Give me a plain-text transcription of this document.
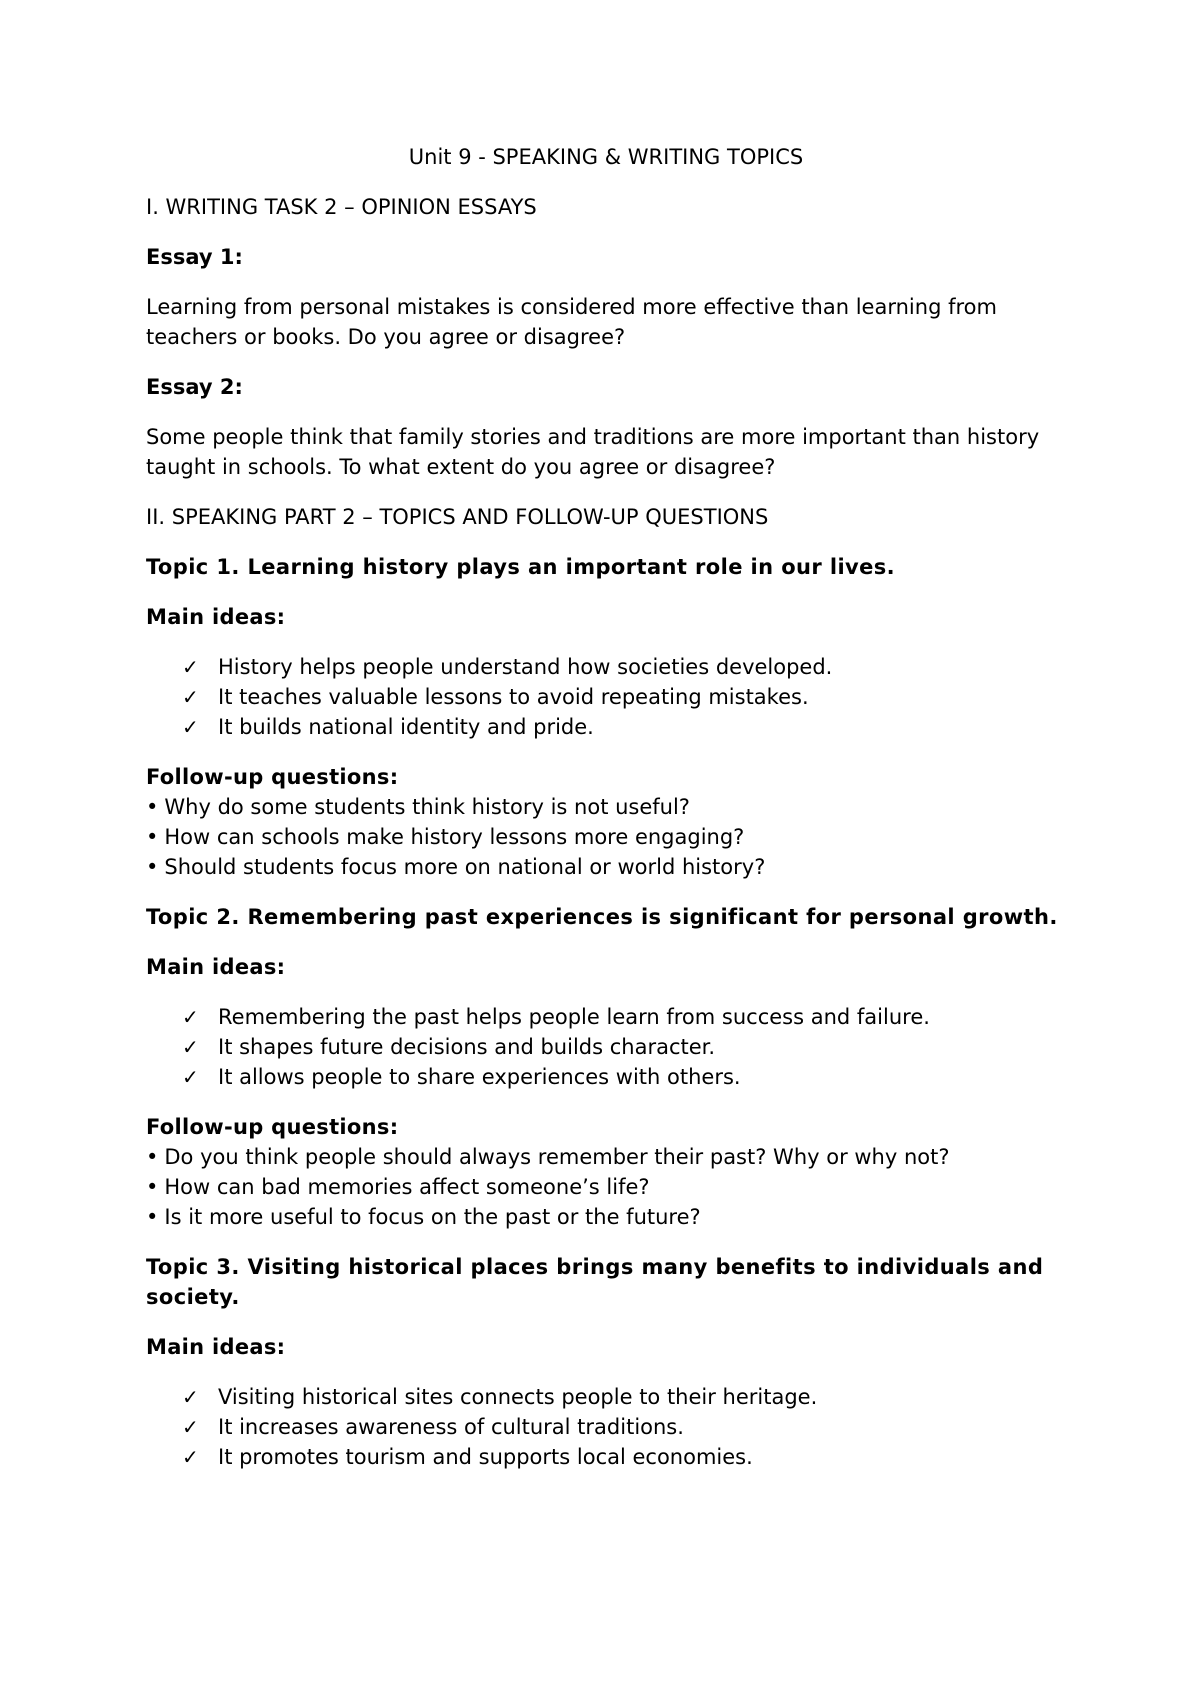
Unit 9 - SPEAKING & WRITING TOPICS
I. WRITING TASK 2 – OPINION ESSAYS
Essay 1:
Learning from personal mistakes is considered more effective than learning from teachers or books. Do you agree or disagree?
Essay 2:
Some people think that family stories and traditions are more important than history taught in schools. To what extent do you agree or disagree?
II. SPEAKING PART 2 – TOPICS AND FOLLOW-UP QUESTIONS
Topic 1. Learning history plays an important role in our lives.
Main ideas:
✓ History helps people understand how societies developed.
✓ It teaches valuable lessons to avoid repeating mistakes.
✓ It builds national identity and pride.
Follow-up questions:
• Why do some students think history is not useful?
• How can schools make history lessons more engaging?
• Should students focus more on national or world history?
Topic 2. Remembering past experiences is significant for personal growth.
Main ideas:
✓ Remembering the past helps people learn from success and failure.
✓ It shapes future decisions and builds character.
✓ It allows people to share experiences with others.
Follow-up questions:
• Do you think people should always remember their past? Why or why not?
• How can bad memories affect someone’s life?
• Is it more useful to focus on the past or the future?
Topic 3. Visiting historical places brings many benefits to individuals and society.
Main ideas:
✓ Visiting historical sites connects people to their heritage.
✓ It increases awareness of cultural traditions.
✓ It promotes tourism and supports local economies.
